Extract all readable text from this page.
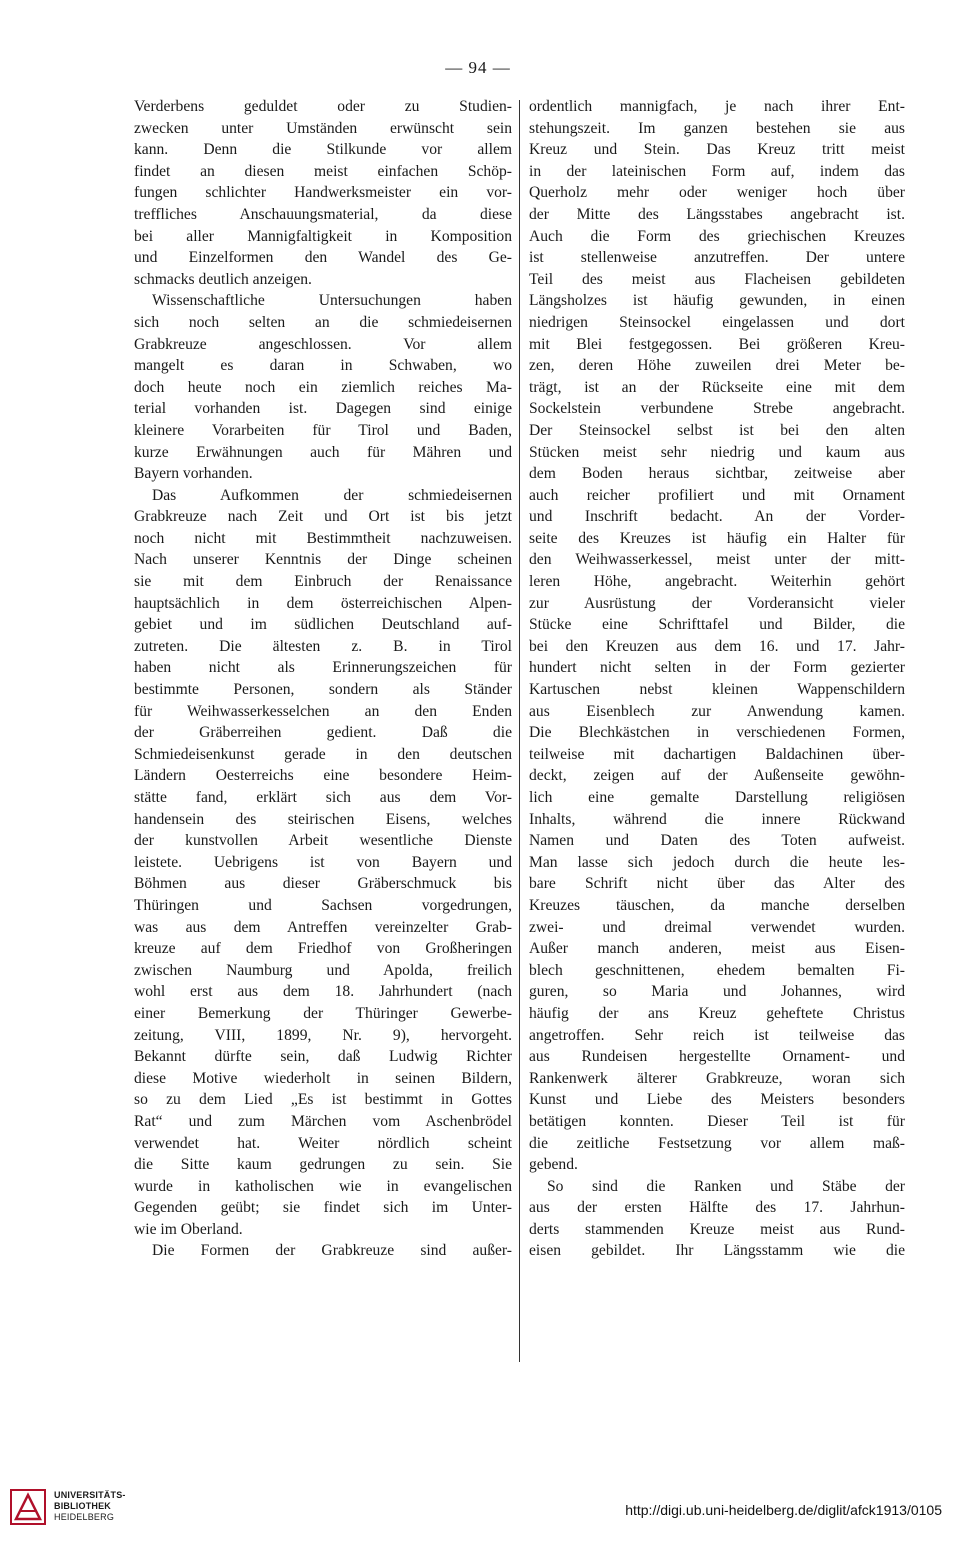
— 94 —
Verderbens geduldet oder zu Studien-
zwecken unter Umständen erwünscht sein
kann. Denn die Stilkunde vor allem
findet an diesen meist einfachen Schöp-
fungen schlichter Handwerksmeister ein vor-
treffliches Anschauungsmaterial, da diese
bei aller Mannigfaltigkeit in Komposition
und Einzelformen den Wandel des Ge-
schmacks deutlich anzeigen.
Wissenschaftliche Untersuchungen haben
sich noch selten an die schmiedeisernen
Grabkreuze angeschlossen. Vor allem
mangelt es daran in Schwaben, wo
doch heute noch ein ziemlich reiches Ma-
terial vorhanden ist. Dagegen sind einige
kleinere Vorarbeiten für Tirol und Baden,
kurze Erwähnungen auch für Mähren und
Bayern vorhanden.
Das Aufkommen der schmiedeisernen
Grabkreuze nach Zeit und Ort ist bis jetzt
noch nicht mit Bestimmtheit nachzuweisen.
Nach unserer Kenntnis der Dinge scheinen
sie mit dem Einbruch der Renaissance
hauptsächlich in dem österreichischen Alpen-
gebiet und im südlichen Deutschland auf-
zutreten. Die ältesten z. B. in Tirol
haben nicht als Erinnerungszeichen für
bestimmte Personen, sondern als Ständer
für Weihwasserkesselchen an den Enden
der Gräberreihen gedient. Daß die
Schmiedeisenkunst gerade in den deutschen
Ländern Oesterreichs eine besondere Heim-
stätte fand, erklärt sich aus dem Vor-
handensein des steirischen Eisens, welches
der kunstvollen Arbeit wesentliche Dienste
leistete. Uebrigens ist von Bayern und
Böhmen aus dieser Gräberschmuck bis
Thüringen und Sachsen vorgedrungen,
was aus dem Antreffen vereinzelter Grab-
kreuze auf dem Friedhof von Großheringen
zwischen Naumburg und Apolda, freilich
wohl erst aus dem 18. Jahrhundert (nach
einer Bemerkung der Thüringer Gewerbe-
zeitung, VIII, 1899, Nr. 9), hervorgeht.
Bekannt dürfte sein, daß Ludwig Richter
diese Motive wiederholt in seinen Bildern,
so zu dem Lied „Es ist bestimmt in Gottes
Rat“ und zum Märchen vom Aschenbrödel
verwendet hat. Weiter nördlich scheint
die Sitte kaum gedrungen zu sein. Sie
wurde in katholischen wie in evangelischen
Gegenden geübt; sie findet sich im Unter-
wie im Oberland.
Die Formen der Grabkreuze sind außer-
ordentlich mannigfach, je nach ihrer Ent-
stehungszeit. Im ganzen bestehen sie aus
Kreuz und Stein. Das Kreuz tritt meist
in der lateinischen Form auf, indem das
Querholz mehr oder weniger hoch über
der Mitte des Längsstabes angebracht ist.
Auch die Form des griechischen Kreuzes
ist stellenweise anzutreffen. Der untere
Teil des meist aus Flacheisen gebildeten
Längsholzes ist häufig gewunden, in einen
niedrigen Steinsockel eingelassen und dort
mit Blei festgegossen. Bei größeren Kreu-
zen, deren Höhe zuweilen drei Meter be-
trägt, ist an der Rückseite eine mit dem
Sockelstein verbundene Strebe angebracht.
Der Steinsockel selbst ist bei den alten
Stücken meist sehr niedrig und kaum aus
dem Boden heraus sichtbar, zeitweise aber
auch reicher profiliert und mit Ornament
und Inschrift bedacht. An der Vorder-
seite des Kreuzes ist häufig ein Halter für
den Weihwasserkessel, meist unter der mitt-
leren Höhe, angebracht. Weiterhin gehört
zur Ausrüstung der Vorderansicht vieler
Stücke eine Schrifttafel und Bilder, die
bei den Kreuzen aus dem 16. und 17. Jahr-
hundert nicht selten in der Form gezierter
Kartuschen nebst kleinen Wappenschildern
aus Eisenblech zur Anwendung kamen.
Die Blechkästchen in verschiedenen Formen,
teilweise mit dachartigen Baldachinen über-
deckt, zeigen auf der Außenseite gewöhn-
lich eine gemalte Darstellung religiösen
Inhalts, während die innere Rückwand
Namen und Daten des Toten aufweist.
Man lasse sich jedoch durch die heute les-
bare Schrift nicht über das Alter des
Kreuzes täuschen, da manche derselben
zwei- und dreimal verwendet wurden.
Außer manch anderen, meist aus Eisen-
blech geschnittenen, ehedem bemalten Fi-
guren, so Maria und Johannes, wird
häufig der ans Kreuz geheftete Christus
angetroffen. Sehr reich ist teilweise das
aus Rundeisen hergestellte Ornament- und
Rankenwerk älterer Grabkreuze, woran sich
Kunst und Liebe des Meisters besonders
betätigen konnten. Dieser Teil ist für
die zeitliche Festsetzung vor allem maß-
gebend.
So sind die Ranken und Stäbe der
aus der ersten Hälfte des 17. Jahrhun-
derts stammenden Kreuze meist aus Rund-
eisen gebildet. Ihr Längsstamm wie die
UNIVERSITÄTS-
BIBLIOTHEK
HEIDELBERG	http://digi.ub.uni-heidelberg.de/diglit/afck1913/0105
